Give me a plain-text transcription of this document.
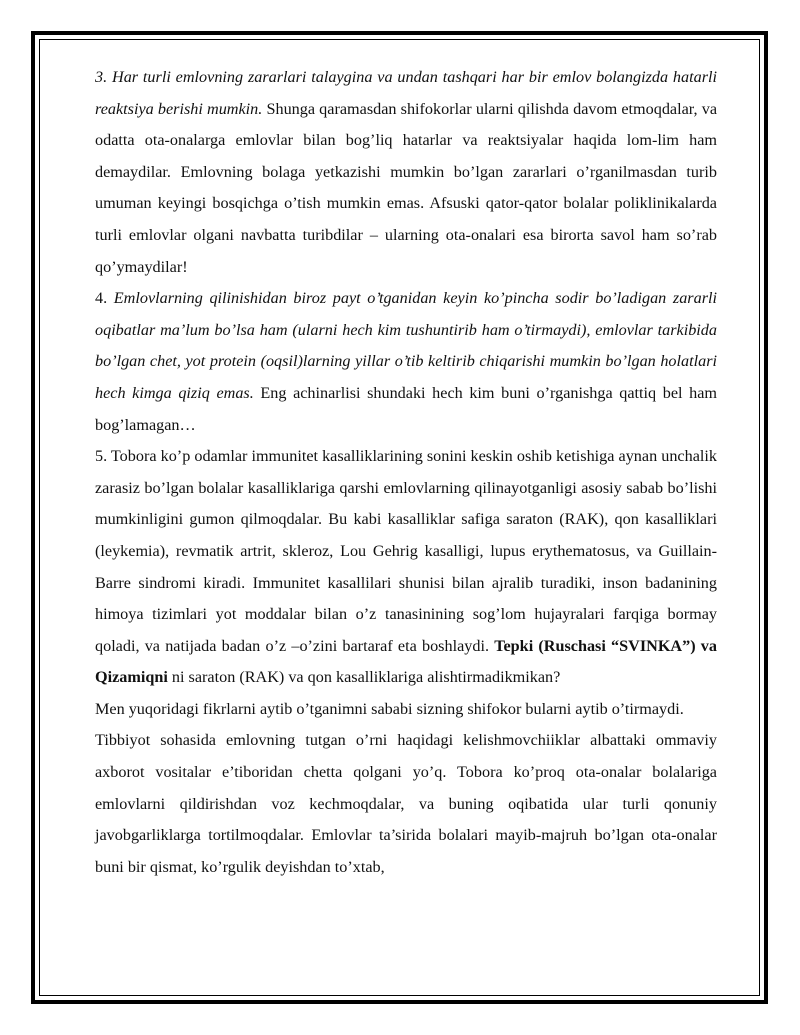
3. Har turli emlovning zararlari talaygina va undan tashqari har bir emlov bolangizda hatarli reaktsiya berishi mumkin. Shunga qaramasdan shifokorlar ularni qilishda davom etmoqdalar, va odatta ota-onalarga emlovlar bilan bog’liq hatarlar va reaktsiyalar haqida lom-lim ham demaydilar. Emlovning bolaga yetkazishi mumkin bo’lgan zararlari o’rganilmasdan turib umuman keyingi bosqichga o’tish mumkin emas. Afsuski qator-qator bolalar poliklinikalarda turli emlovlar olgani navbatta turibdilar – ularning ota-onalari esa birorta savol ham so’rab qo’ymaydilar!

4. Emlovlarning qilinishidan biroz payt o’tganidan keyin ko’pincha sodir bo’ladigan zararli oqibatlar ma’lum bo’lsa ham (ularni hech kim tushuntirib ham o’tirmaydi), emlovlar tarkibida bo’lgan chet, yot protein (oqsil)larning yillar o’tib keltirib chiqarishi mumkin bo’lgan holatlari hech kimga qiziq emas. Eng achinarlisi shundaki hech kim buni o’rganishga qattiq bel ham bog’lamagan…

5. Tobora ko’p odamlar immunitet kasalliklarining sonini keskin oshib ketishiga aynan unchalik zarasiz bo’lgan bolalar kasalliklariga qarshi emlovlarning qilinayotganligi asosiy sabab bo’lishi mumkinligini gumon qilmoqdalar. Bu kabi kasalliklar safiga saraton (RAK), qon kasalliklari (leykemia), revmatik artrit, skleroz, Lou Gehrig kasalligi, lupus erythematosus, va Guillain-Barre sindromi kiradi. Immunitet kasallilari shunisi bilan ajralib turadiki, inson badanining himoya tizimlari yot moddalar bilan o’z tanasinining sog’lom hujayralari farqiga bormay qoladi, va natijada badan o’z –o’zini bartaraf eta boshlaydi. Tepki (Ruschasi “SVINKA”) va Qizamiqni ni saraton (RAK) va qon kasalliklariga alishtirmadikmikan?

Men yuqoridagi fikrlarni aytib o’tganimni sababi sizning shifokor bularni aytib o’tirmaydi.

Tibbiyot sohasida emlovning tutgan o’rni haqidagi kelishmovchiiklar albattaki ommaviy axborot vositalar e’tiboridan chetta qolgani yo’q. Tobora ko’proq ota-onalar bolalariga emlovlarni qildirishdan voz kechmoqdalar, va buning oqibatida ular turli qonuniy javobgarliklarga tortilmoqdalar. Emlovlar ta’sirida bolalari mayib-majruh bo’lgan ota-onalar buni bir qismat, ko’rgulik deyishdan to’xtab,
